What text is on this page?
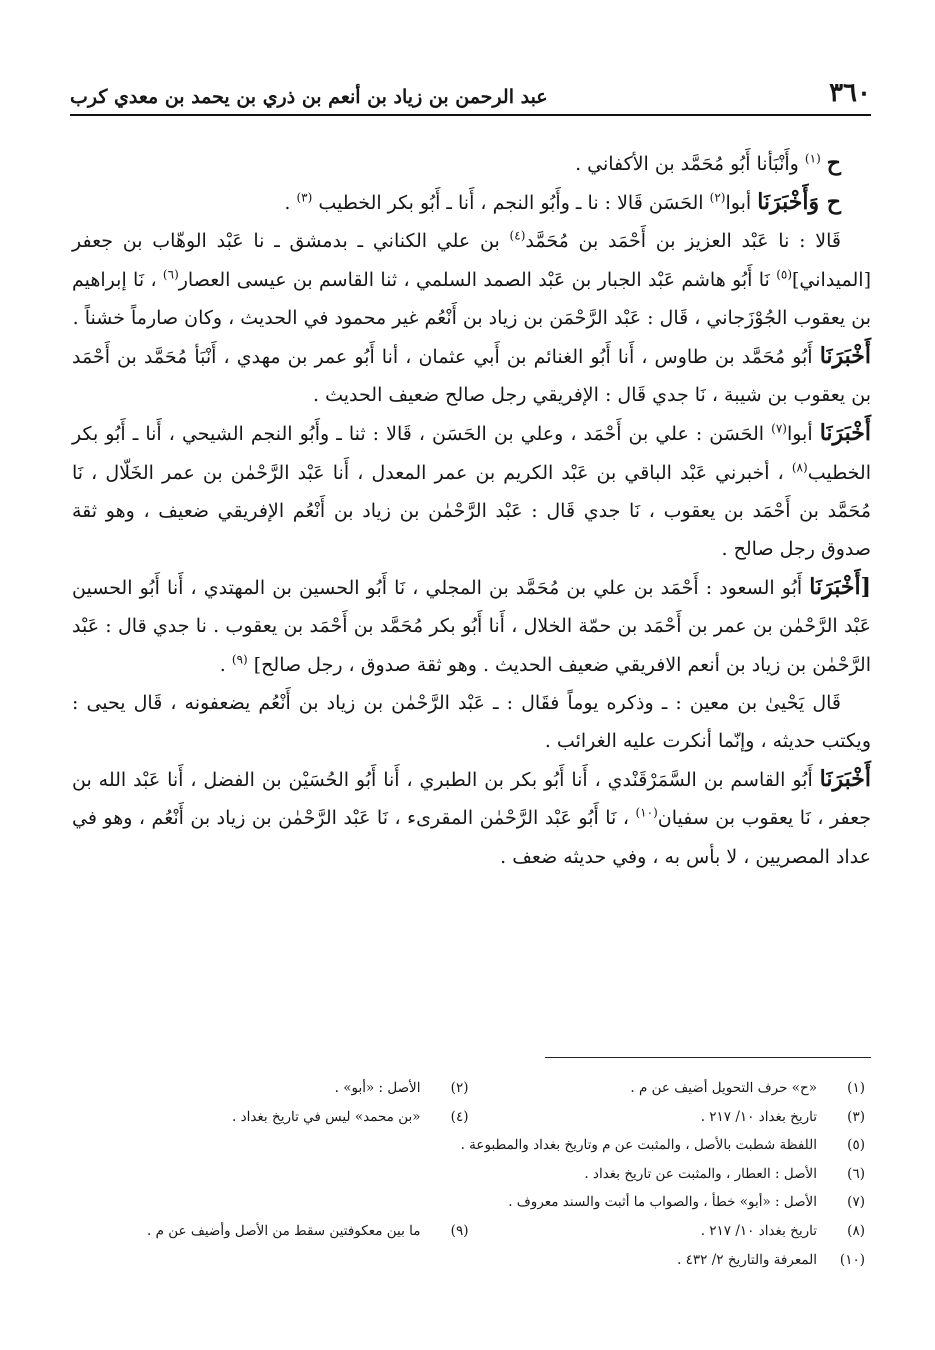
٣٦٠
عبد الرحمن بن زياد بن أنعم بن ذري بن يحمد بن معدي كرب

ح $^{(١)}$ وأَنْبَأنا أَبُو مُحَمَّد بن الأكفاني .

ح وَأَخْبَرَنَا أبوا$^{(٢)}$ الحَسَن قَالا : نا ـ وأَبُو النجم ، أَنا ـ أَبُو بكر الخطيب $^{(٣)}$ .

قَالا : نا عَبْد العزيز بن أَحْمَد بن مُحَمَّد$^{(٤)}$ بن علي الكناني ـ بدمشق ـ نا عَبْد الوهّاب بن جعفر [الميداني]$^{(٥)}$ نَا أَبُو هاشم عَبْد الجبار بن عَبْد الصمد السلمي ، ثنا القاسم بن عيسى العصار$^{(٦)}$ ، نَا إبراهيم بن يعقوب الجُوْزَجاني ، قَال : عَبْد الرَّحْمَن بن زياد بن أَنْعُم غير محمود في الحديث ، وكان صارماً خشناً .

أَخْبَرَنَا أَبُو مُحَمَّد بن طاوس ، أَنا أَبُو الغنائم بن أَبي عثمان ، أنا أَبُو عمر بن مهدي ، أَنْبَأ مُحَمَّد بن أَحْمَد بن يعقوب بن شيبة ، نَا جدي قَال : الإفريقي رجل صالح ضعيف الحديث .

أَخْبَرَنَا أبوا$^{(٧)}$ الحَسَن : علي بن أَحْمَد ، وعلي بن الحَسَن ، قَالا : ثنا ـ وأَبُو النجم الشيحي ، أَنا ـ أَبُو بكر الخطيب$^{(٨)}$ ، أخبرني عَبْد الباقي بن عَبْد الكريم بن عمر المعدل ، أَنا عَبْد الرَّحْمٰن بن عمر الخَلّال ، نَا مُحَمَّد بن أَحْمَد بن يعقوب ، نَا جدي قَال : عَبْد الرَّحْمٰن بن زياد بن أَنْعُم الإفريقي ضعيف ، وهو ثقة صدوق رجل صالح .

[أَخْبَرَنَا أَبُو السعود : أَحْمَد بن علي بن مُحَمَّد بن المجلي ، نَا أَبُو الحسين بن المهتدي ، أَنا أَبُو الحسين عَبْد الرَّحْمٰن بن عمر بن أَحْمَد بن حمّة الخلال ، أَنا أَبُو بكر مُحَمَّد بن أَحْمَد بن يعقوب . نا جدي قال : عَبْد الرَّحْمٰن بن زياد بن أنعم الافريقي ضعيف الحديث . وهو ثقة صدوق ، رجل صالح] $^{(٩)}$ .

قَال يَحْيىٰ بن معين : ـ وذكره يوماً فقَال : ـ عَبْد الرَّحْمٰن بن زياد بن أَنْعُم يضعفونه ، قَال يحيى : ويكتب حديثه ، وإنّما أنكرت عليه الغرائب .

أَخْبَرَنَا أَبُو القاسم بن السَّمَرْقَنْدي ، أَنا أَبُو بكر بن الطبري ، أَنا أَبُو الحُسَيْن بن الفضل ، أَنا عَبْد الله بن جعفر ، نَا يعقوب بن سفيان$^{(١٠)}$ ، نَا أَبُو عَبْد الرَّحْمٰن المقرىء ، نَا عَبْد الرَّحْمٰن بن زياد بن أَنْعُم ، وهو في عداد المصريين ، لا بأس به ، وفي حديثه ضعف .

(١)
«ح» حرف التحويل أضيف عن م .
(٢)
الأصل : «أبو» .
(٣)
تاريخ بغداد ١٠/ ٢١٧ .
(٤)
«بن محمد» ليس في تاريخ بغداد .
(٥)
اللفظة شطبت بالأصل ، والمثبت عن م وتاريخ بغداد والمطبوعة .
(٦)
الأصل : العطار ، والمثبت عن تاريخ بغداد .
(٧)
الأصل : «أبو» خطأ ، والصواب ما أثبت والسند معروف .
(٨)
تاريخ بغداد ١٠/ ٢١٧ .
(٩)
ما بين معكوفتين سقط من الأصل وأضيف عن م .
(١٠)
المعرفة والتاريخ ٢/ ٤٣٢ .
